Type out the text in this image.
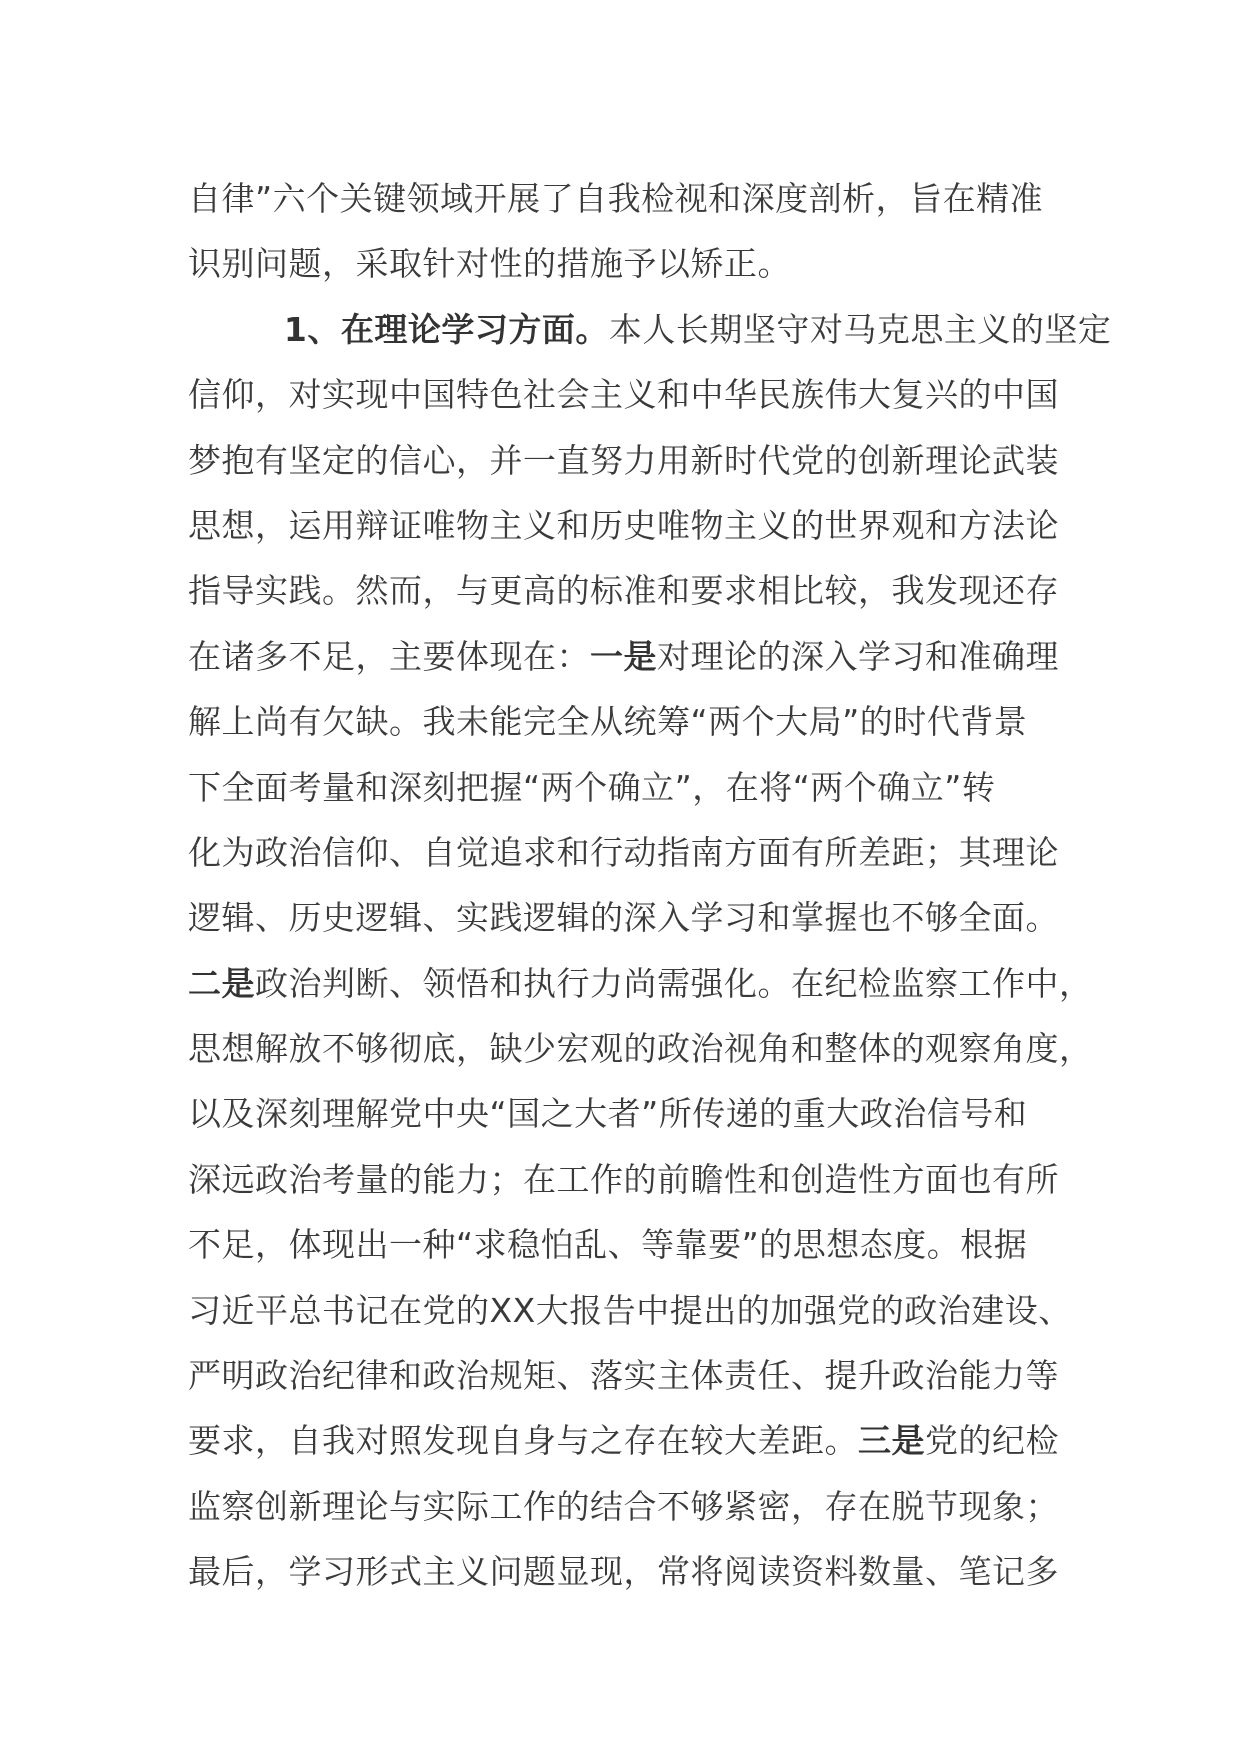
自律”六个关键领域开展了自我检视和深度剖析，旨在精准
识别问题，采取针对性的措施予以矫正。
1、在理论学习方面。本人长期坚守对马克思主义的坚定
信仰，对实现中国特色社会主义和中华民族伟大复兴的中国
梦抱有坚定的信心，并一直努力用新时代党的创新理论武装
思想，运用辩证唯物主义和历史唯物主义的世界观和方法论
指导实践。然而，与更高的标准和要求相比较，我发现还存
在诸多不足，主要体现在：一是对理论的深入学习和准确理
解上尚有欠缺。我未能完全从统筹“两个大局”的时代背景
下全面考量和深刻把握“两个确立”，在将“两个确立”转
化为政治信仰、自觉追求和行动指南方面有所差距；其理论
逻辑、历史逻辑、实践逻辑的深入学习和掌握也不够全面。
二是政治判断、领悟和执行力尚需强化。在纪检监察工作中，
思想解放不够彻底，缺少宏观的政治视角和整体的观察角度，
以及深刻理解党中央“国之大者”所传递的重大政治信号和
深远政治考量的能力；在工作的前瞻性和创造性方面也有所
不足，体现出一种“求稳怕乱、等靠要”的思想态度。根据
习近平总书记在党的XX大报告中提出的加强党的政治建设、
严明政治纪律和政治规矩、落实主体责任、提升政治能力等
要求，自我对照发现自身与之存在较大差距。三是党的纪检
监察创新理论与实际工作的结合不够紧密，存在脱节现象；
最后，学习形式主义问题显现，常将阅读资料数量、笔记多
